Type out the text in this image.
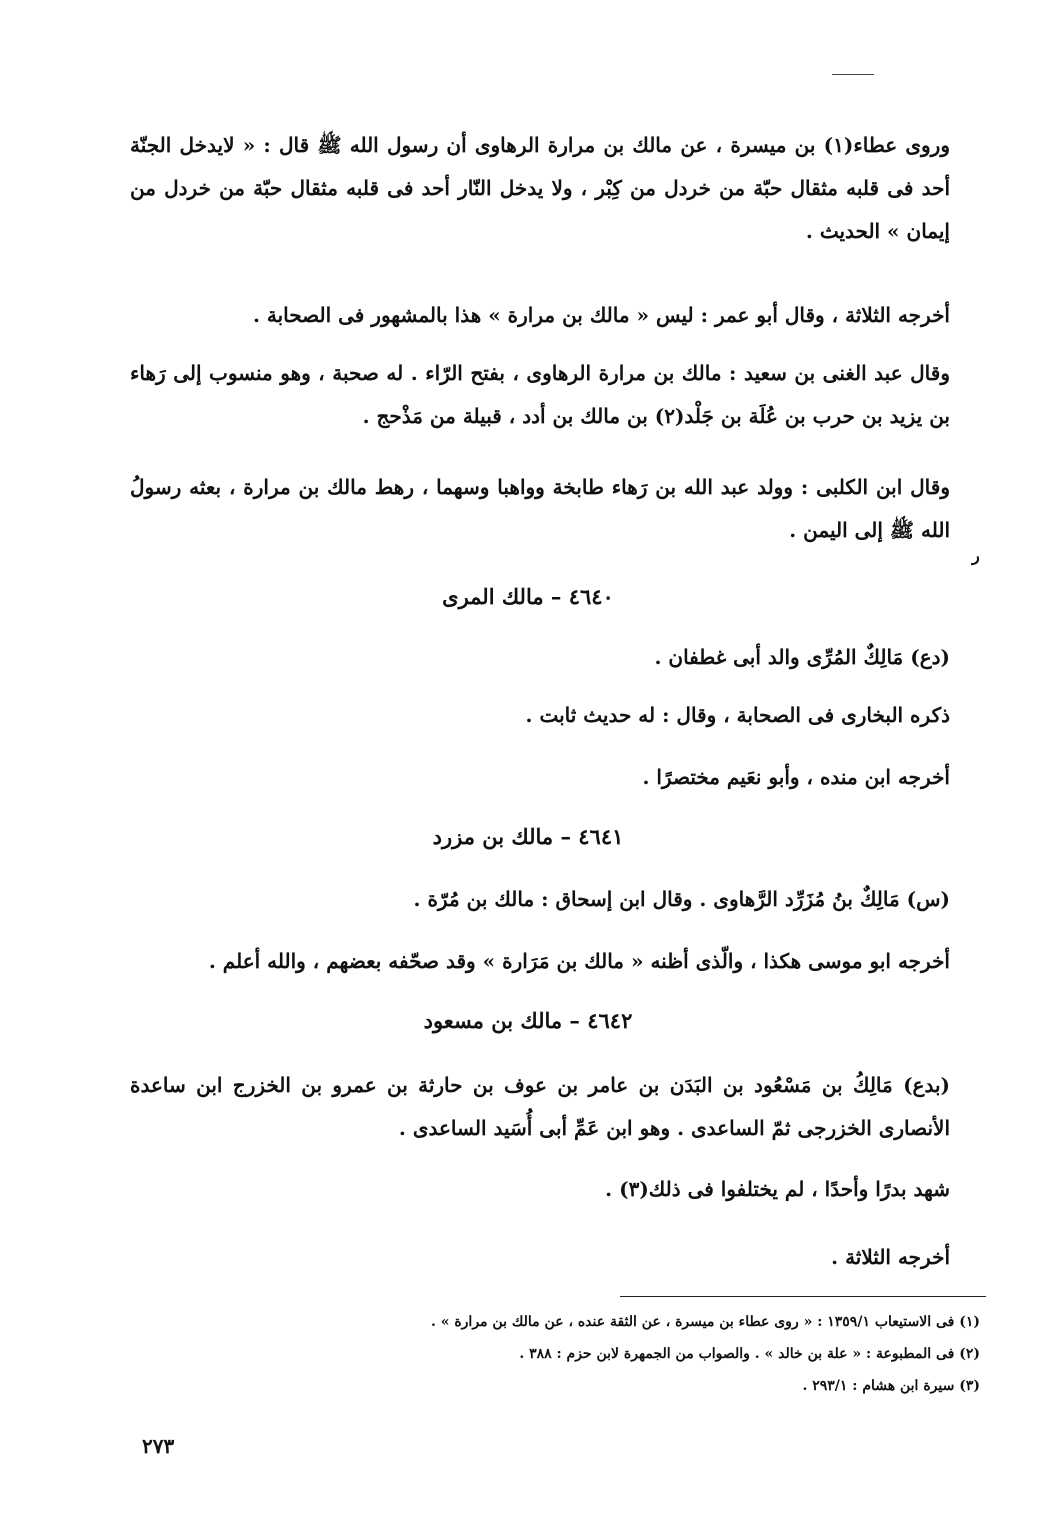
وروى عطاء(١) بن ميسرة ، عن مالك بن مرارة الرهاوى أن رسول الله ﷺ قال : « لايدخل الجنّة أحد فى قلبه مثقال حبّة من خردل من كِبْر ، ولا يدخل النّار أحد فى قلبه مثقال حبّة من خردل من إيمان » الحديث .

أخرجه الثلاثة ، وقال أبو عمر : ليس « مالك بن مرارة » هذا بالمشهور فى الصحابة .

وقال عبد الغنى بن سعيد : مالك بن مرارة الرهاوى ، بفتح الرّاء . له صحبة ، وهو منسوب إلى رَهاء بن يزيد بن حرب بن عُلَة بن جَلْد(٢) بن مالك بن أدد ، قبيلة من مَذْحج .

وقال ابن الكلبى : وولد عبد الله بن رَهاء طابخة وواهبا وسهما ، رهط مالك بن مرارة ، بعثه رسولُ الله ﷺ إلى اليمن .

ر
٤٦٤٠ – مالك المرى

(دع) مَالِكٌ المُرِّى والد أبى غطفان .

ذكره البخارى فى الصحابة ، وقال : له حديث ثابت .

أخرجه ابن منده ، وأبو نعَيم مختصرًا .

٤٦٤١ – مالك بن مزرد

(س) مَالِكٌ بنُ مُزَرِّد الرَّهاوى . وقال ابن إسحاق : مالك بن مُرّة .

أخرجه ابو موسى هكذا ، والّذى أظنه « مالك بن مَرَارة » وقد صحّفه بعضهم ، والله أعلم .

٤٦٤٢ – مالك بن مسعود

(بدع) مَالِكُ بن مَسْعُود بن البَدَن بن عامر بن عوف بن حارثة بن عمرو بن الخزرج ابن ساعدة الأنصارى الخزرجى ثمّ الساعدى . وهو ابن عَمِّ أبى أُسَيد الساعدى .

شهد بدرًا وأحدًا ، لم يختلفوا فى ذلك(٣) .

أخرجه الثلاثة .

(١) فى الاستيعاب ١٣٥٩/١ : « روى عطاء بن ميسرة ، عن الثقة عنده ، عن مالك بن مرارة » .

(٢) فى المطبوعة : « علة بن خالد » . والصواب من الجمهرة لابن حزم : ٣٨٨ .

(٣) سيرة ابن هشام : ٢٩٣/١ .

٢٧٣
